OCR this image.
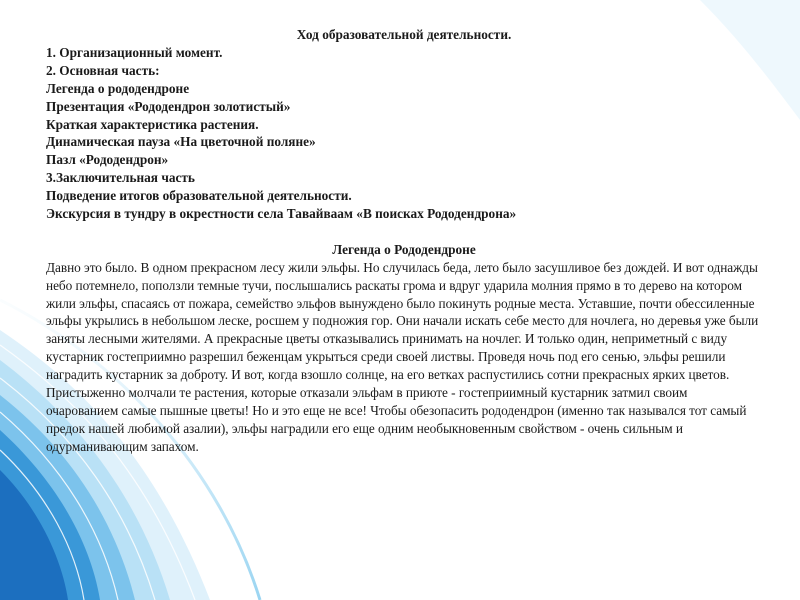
Ход образовательной деятельности.

1. Организационный момент.

2. Основная часть:

Легенда о рододендроне

Презентация «Рододендрон золотистый»

Краткая характеристика растения.

Динамическая пауза «На цветочной поляне»

Пазл «Рододендрон»

3.Заключительная часть

Подведение итогов образовательной деятельности.

Экскурсия в тундру в окрестности села Тавайваам «В поисках Рододендрона»

Легенда о Рододендроне

Давно это было. В одном прекрасном лесу жили эльфы. Но случилась беда, лето было засушливое без дождей. И вот однажды небо потемнело, поползли темные тучи, послышались раскаты грома и вдруг ударила молния прямо в то дерево на котором жили эльфы, спасаясь от пожара, семейство эльфов вынуждено было покинуть родные места. Уставшие, почти обессиленные эльфы укрылись в небольшом леске, росшем у подножия гор. Они начали искать себе место для ночлега, но деревья уже были заняты лесными жителями. А прекрасные цветы отказывались принимать на ночлег. И только один, неприметный с виду кустарник гостеприимно разрешил беженцам укрыться среди своей листвы. Проведя ночь под его сенью, эльфы решили наградить кустарник за доброту. И вот, когда взошло солнце, на его ветках распустились сотни прекрасных ярких цветов. Пристыженно молчали те растения, которые отказали эльфам в приюте - гостеприимный кустарник затмил своим очарованием самые пышные цветы! Но и это еще не все! Чтобы обезопасить рододендрон (именно так назывался тот самый предок нашей любимой азалии), эльфы наградили его еще одним необыкновенным свойством - очень сильным и одурманивающим запахом.
